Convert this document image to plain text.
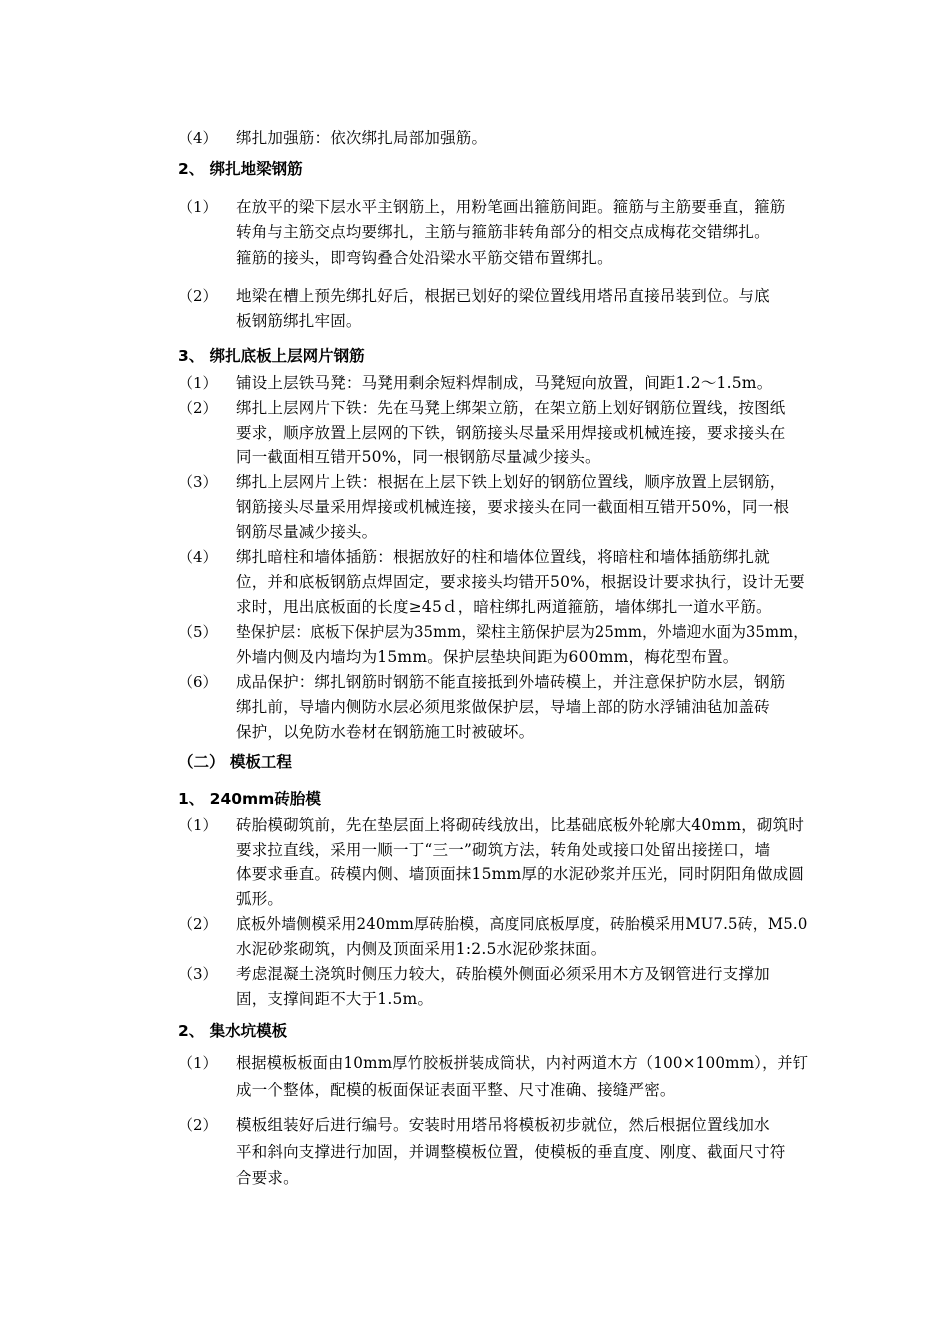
（4） 绑扎加强筋：依次绑扎局部加强筋。
2、 绑扎地梁钢筋
（1） 在放平的梁下层水平主钢筋上，用粉笔画出箍筋间距。箍筋与主筋要垂直，箍筋
转角与主筋交点均要绑扎，主筋与箍筋非转角部分的相交点成梅花交错绑扎。
箍筋的接头，即弯钩叠合处沿梁水平筋交错布置绑扎。
（2） 地梁在槽上预先绑扎好后，根据已划好的梁位置线用塔吊直接吊装到位。与底
板钢筋绑扎牢固。
3、 绑扎底板上层网片钢筋
（1） 铺设上层铁马凳：马凳用剩余短料焊制成，马凳短向放置，间距1.2～1.5m。
（2） 绑扎上层网片下铁：先在马凳上绑架立筋，在架立筋上划好钢筋位置线，按图纸
要求，顺序放置上层网的下铁，钢筋接头尽量采用焊接或机械连接，要求接头在
同一截面相互错开50%，同一根钢筋尽量减少接头。
（3） 绑扎上层网片上铁：根据在上层下铁上划好的钢筋位置线，顺序放置上层钢筋，
钢筋接头尽量采用焊接或机械连接，要求接头在同一截面相互错开50%，同一根
钢筋尽量减少接头。
（4） 绑扎暗柱和墙体插筋：根据放好的柱和墙体位置线，将暗柱和墙体插筋绑扎就
位，并和底板钢筋点焊固定，要求接头均错开50%，根据设计要求执行，设计无要
求时，甩出底板面的长度≥45ｄ，暗柱绑扎两道箍筋，墙体绑扎一道水平筋。
（5） 垫保护层：底板下保护层为35mm，梁柱主筋保护层为25mm，外墙迎水面为35mm，
外墙内侧及内墙均为15mm。保护层垫块间距为600mm，梅花型布置。
（6） 成品保护：绑扎钢筋时钢筋不能直接抵到外墙砖模上，并注意保护防水层，钢筋
绑扎前，导墙内侧防水层必须甩浆做保护层，导墙上部的防水浮铺油毡加盖砖
保护，以免防水卷材在钢筋施工时被破坏。
（二） 模板工程
1、 240mm砖胎模
（1） 砖胎模砌筑前，先在垫层面上将砌砖线放出，比基础底板外轮廓大40mm，砌筑时
要求拉直线，采用一顺一丁“三一”砌筑方法，转角处或接口处留出接搓口，墙
体要求垂直。砖模内侧、墙顶面抹15mm厚的水泥砂浆并压光，同时阴阳角做成圆
弧形。
（2） 底板外墙侧模采用240mm厚砖胎模，高度同底板厚度，砖胎模采用MU7.5砖，M5.0
水泥砂浆砌筑，内侧及顶面采用1:2.5水泥砂浆抹面。
（3） 考虑混凝土浇筑时侧压力较大，砖胎模外侧面必须采用木方及钢管进行支撑加
固，支撑间距不大于1.5m。
2、 集水坑模板
（1） 根据模板板面由10mm厚竹胶板拼装成筒状，内衬两道木方（100×100mm），并钉
成一个整体，配模的板面保证表面平整、尺寸准确、接缝严密。
（2） 模板组装好后进行编号。安装时用塔吊将模板初步就位，然后根据位置线加水
平和斜向支撑进行加固，并调整模板位置，使模板的垂直度、刚度、截面尺寸符
合要求。
